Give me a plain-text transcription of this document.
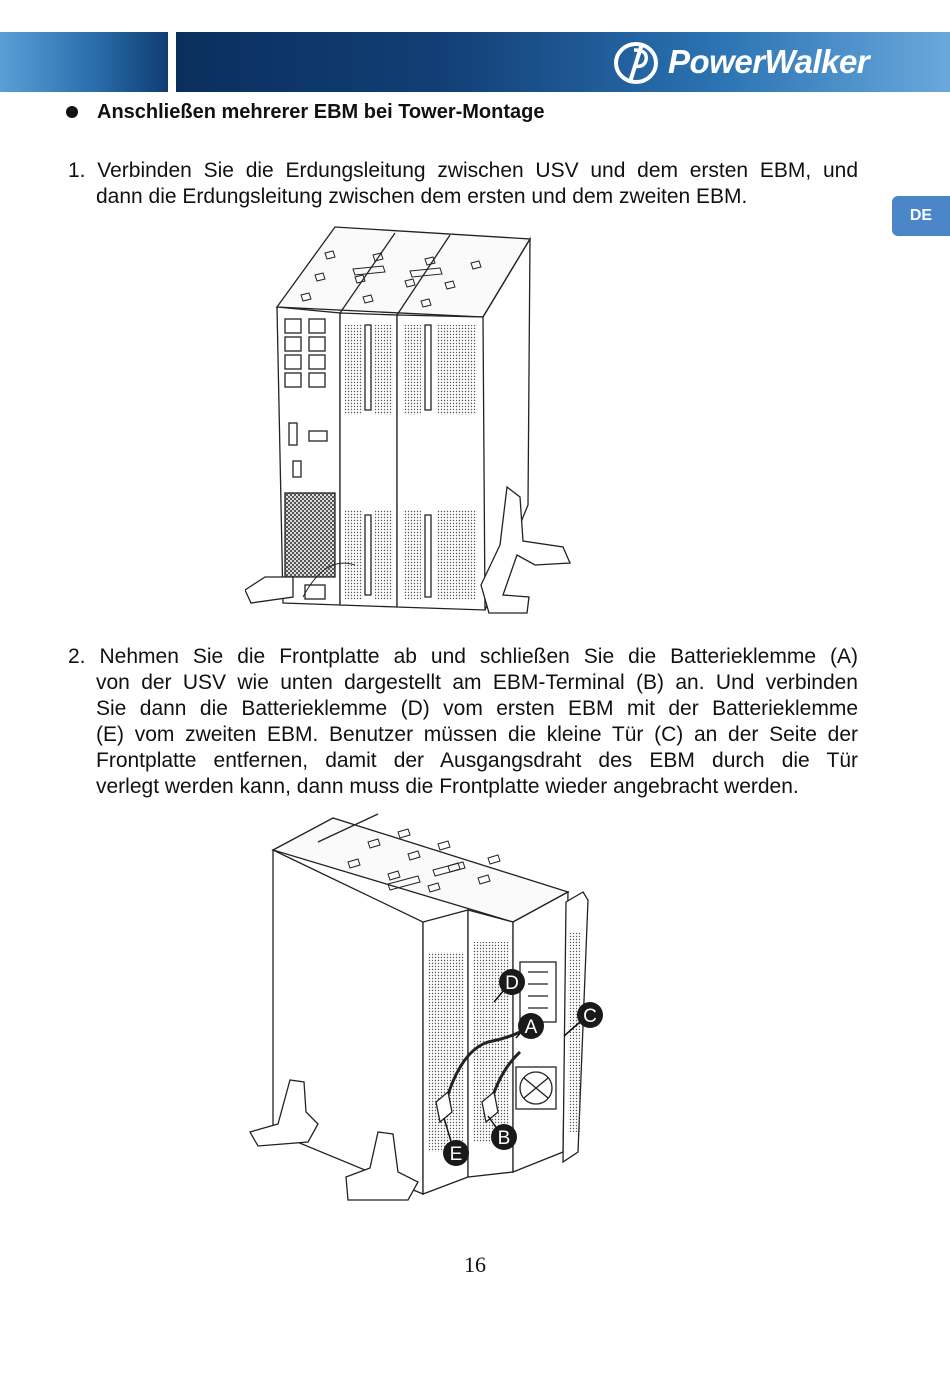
PowerWalker
DE
Anschließen mehrerer EBM bei Tower-Montage
1. Verbinden Sie die Erdungsleitung zwischen USV und dem ersten EBM, und
dann die Erdungsleitung zwischen dem ersten und dem zweiten EBM.
2. Nehmen Sie die Frontplatte ab und schließen Sie die Batterieklemme (A)
von der USV wie unten dargestellt am EBM-Terminal (B) an. Und verbinden
Sie dann die Batterieklemme (D) vom ersten EBM mit der Batterieklemme
(E) vom zweiten EBM. Benutzer müssen die kleine Tür (C) an der Seite der
Frontplatte entfernen, damit der Ausgangsdraht des EBM durch die Tür
verlegt werden kann, dann muss die Frontplatte wieder angebracht werden.
D
A
C
B
E
16
